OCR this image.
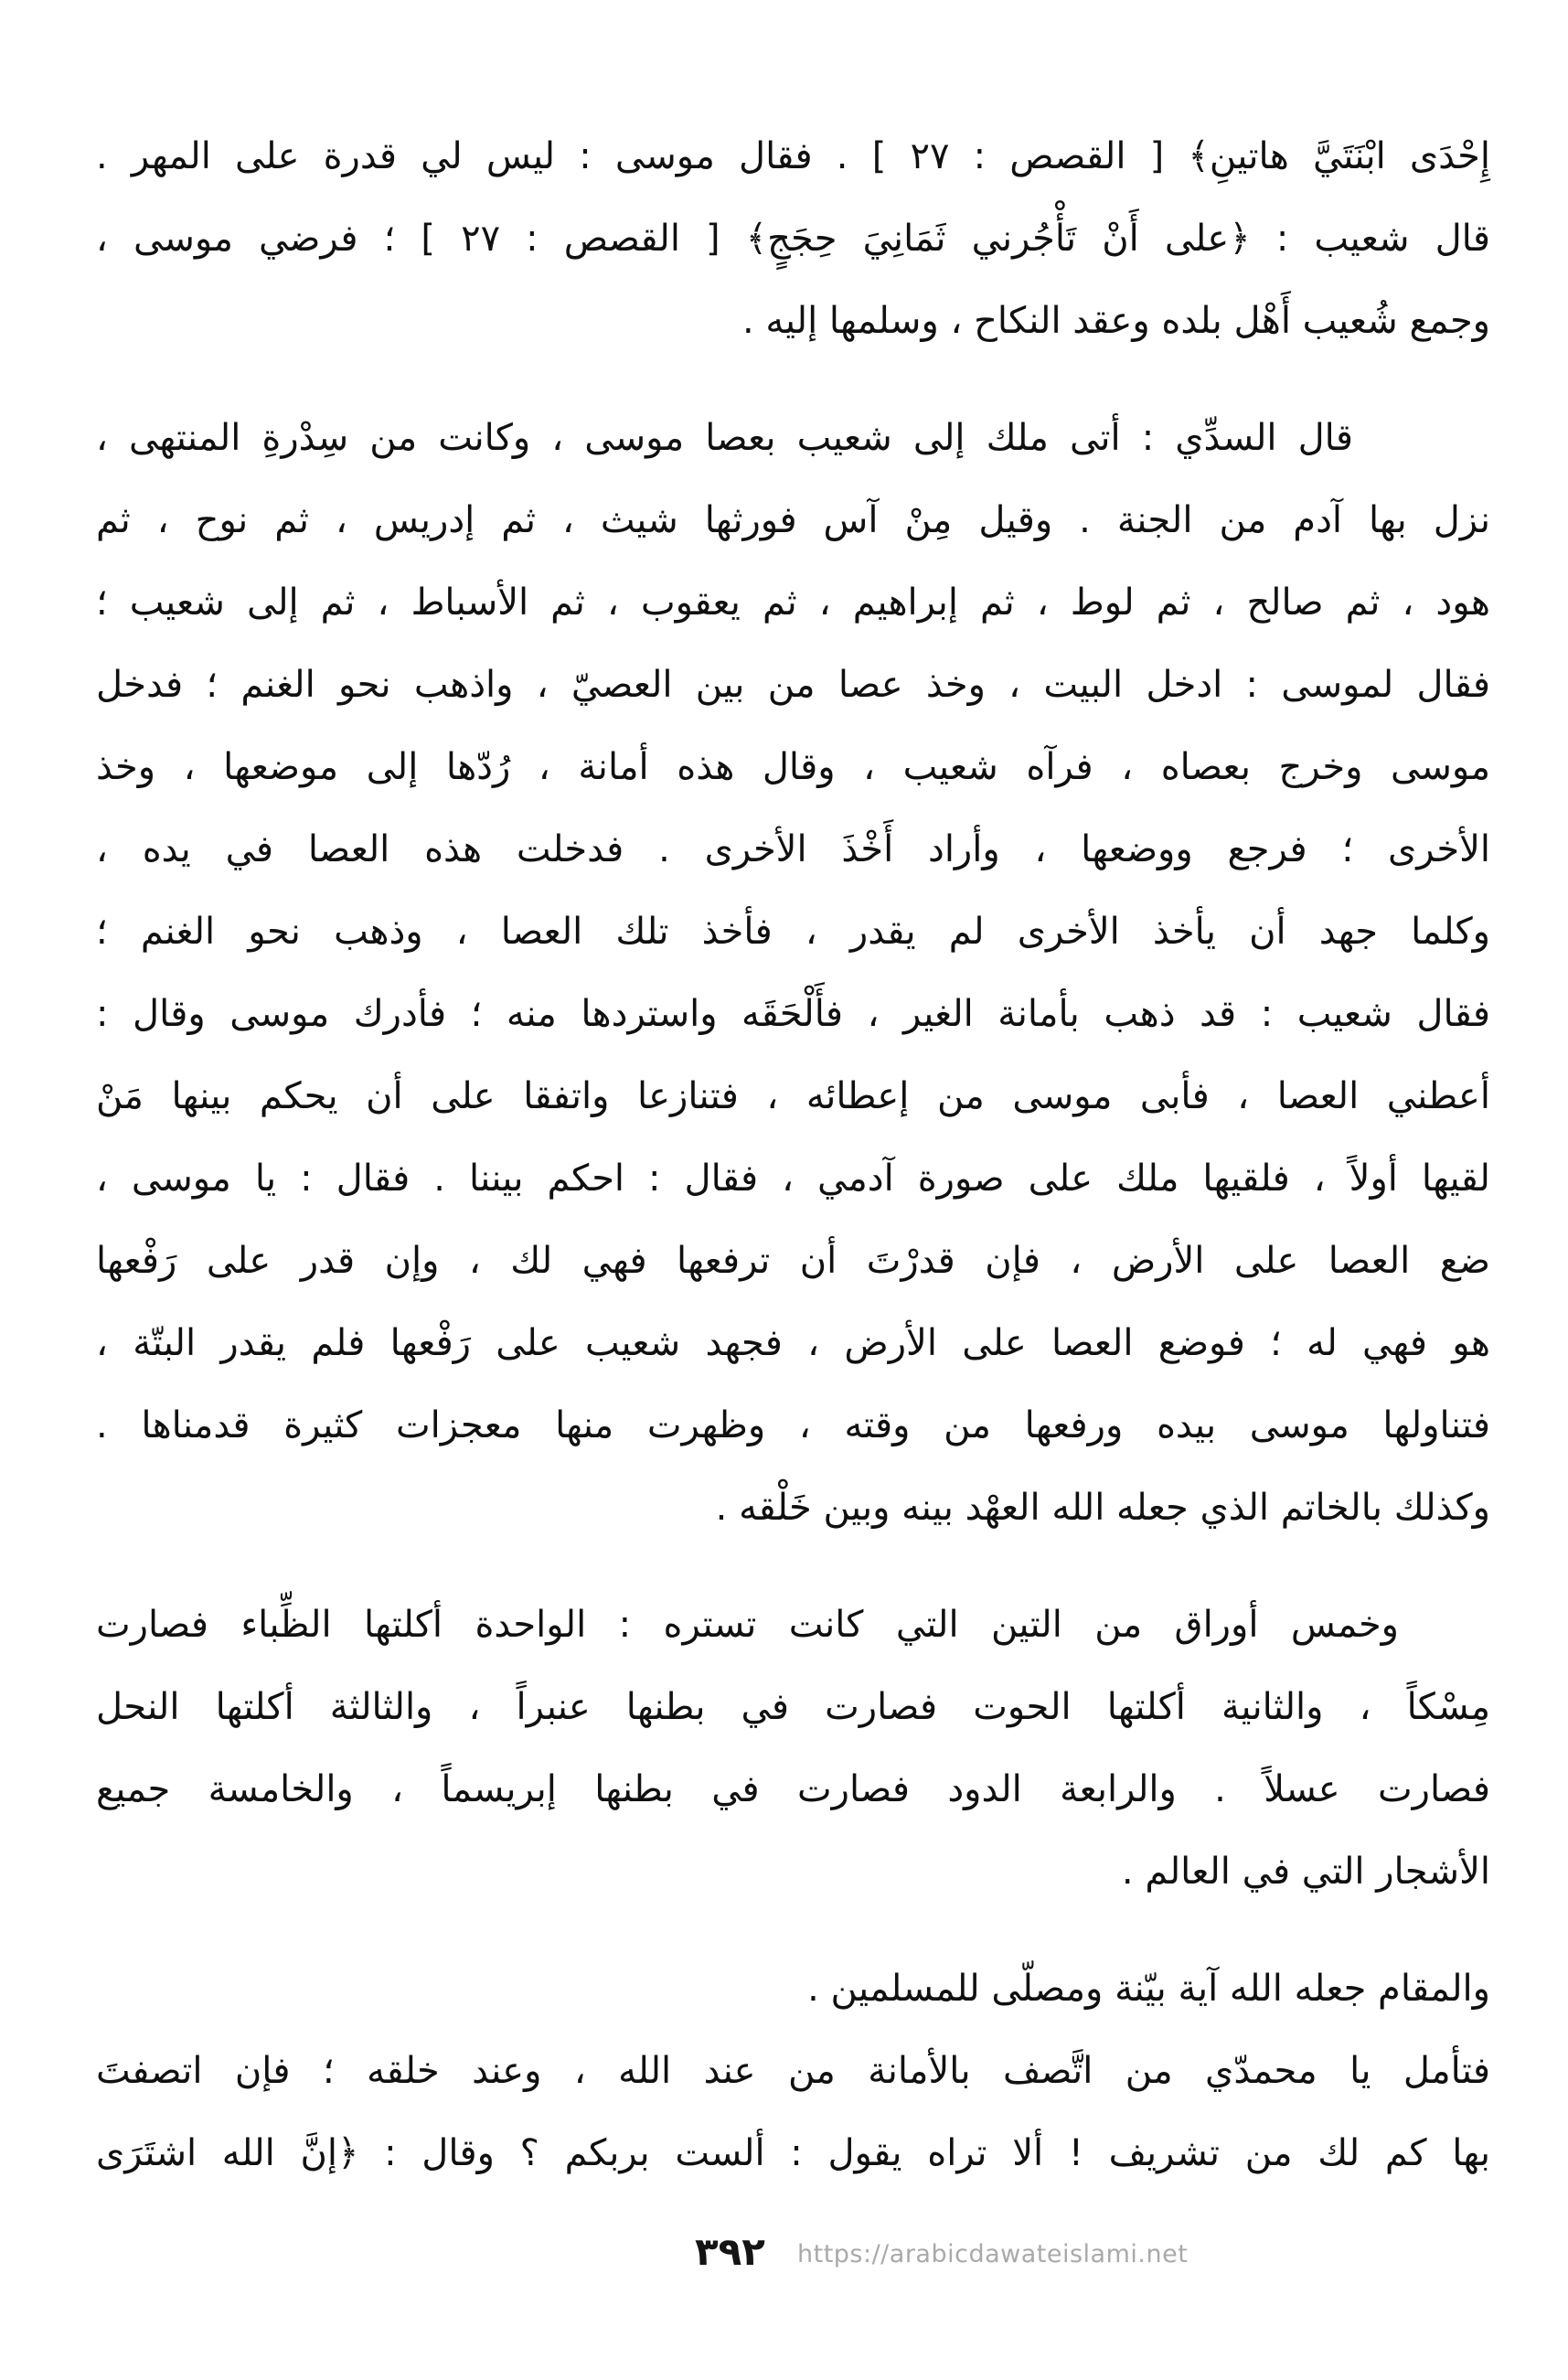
إِحْدَى ابْنَتَيَّ هاتينِ﴾ [ القصص : ٢٧ ] . فقال موسى : ليس لي قدرة على المهر .
قال شعيب : ﴿على أَنْ تَأْجُرني ثَمَانِيَ حِجَجٍ﴾ [ القصص : ٢٧ ] ؛ فرضي موسى ،
وجمع شُعيب أَهْل بلده وعقد النكاح ، وسلمها إليه .
قال السدِّي : أتى ملك إلى شعيب بعصا موسى ، وكانت من سِدْرةِ المنتهى ،
نزل بها آدم من الجنة . وقيل مِنْ آس فورثها شيث ، ثم إدريس ، ثم نوح ، ثم
هود ، ثم صالح ، ثم لوط ، ثم إبراهيم ، ثم يعقوب ، ثم الأسباط ، ثم إلى شعيب ؛
فقال لموسى : ادخل البيت ، وخذ عصا من بين العصيّ ، واذهب نحو الغنم ؛ فدخل
موسى وخرج بعصاه ، فرآه شعيب ، وقال هذه أمانة ، رُدّها إلى موضعها ، وخذ
الأخرى ؛ فرجع ووضعها ، وأراد أَخْذَ الأخرى . فدخلت هذه العصا في يده ،
وكلما جهد أن يأخذ الأخرى لم يقدر ، فأخذ تلك العصا ، وذهب نحو الغنم ؛
فقال شعيب : قد ذهب بأمانة الغير ، فأَلْحَقَه واستردها منه ؛ فأدرك موسى وقال :
أعطني العصا ، فأبى موسى من إعطائه ، فتنازعا واتفقا على أن يحكم بينها مَنْ
لقيها أولاً ، فلقيها ملك على صورة آدمي ، فقال : احكم بيننا . فقال : يا موسى ،
ضع العصا على الأرض ، فإن قدرْتَ أن ترفعها فهي لك ، وإن قدر على رَفْعها
هو فهي له ؛ فوضع العصا على الأرض ، فجهد شعيب على رَفْعها فلم يقدر البتّة ،
فتناولها موسى بيده ورفعها من وقته ، وظهرت منها معجزات كثيرة قدمناها .
وكذلك بالخاتم الذي جعله الله العهْد بينه وبين خَلْقه .
وخمس أوراق من التين التي كانت تستره : الواحدة أكلتها الظِّباء فصارت
مِسْكاً ، والثانية أكلتها الحوت فصارت في بطنها عنبراً ، والثالثة أكلتها النحل
فصارت عسلاً . والرابعة الدود فصارت في بطنها إبريسماً ، والخامسة جميع
الأشجار التي في العالم .
والمقام جعله الله آية بيّنة ومصلّى للمسلمين .
فتأمل يا محمدّي من اتَّصف بالأمانة من عند الله ، وعند خلقه ؛ فإن اتصفتَ
بها كم لك من تشريف ! ألا تراه يقول : ألست بربكم ؟ وقال : ﴿إنَّ الله اشتَرَى
٣٩٢ https://arabicdawateislami.net
